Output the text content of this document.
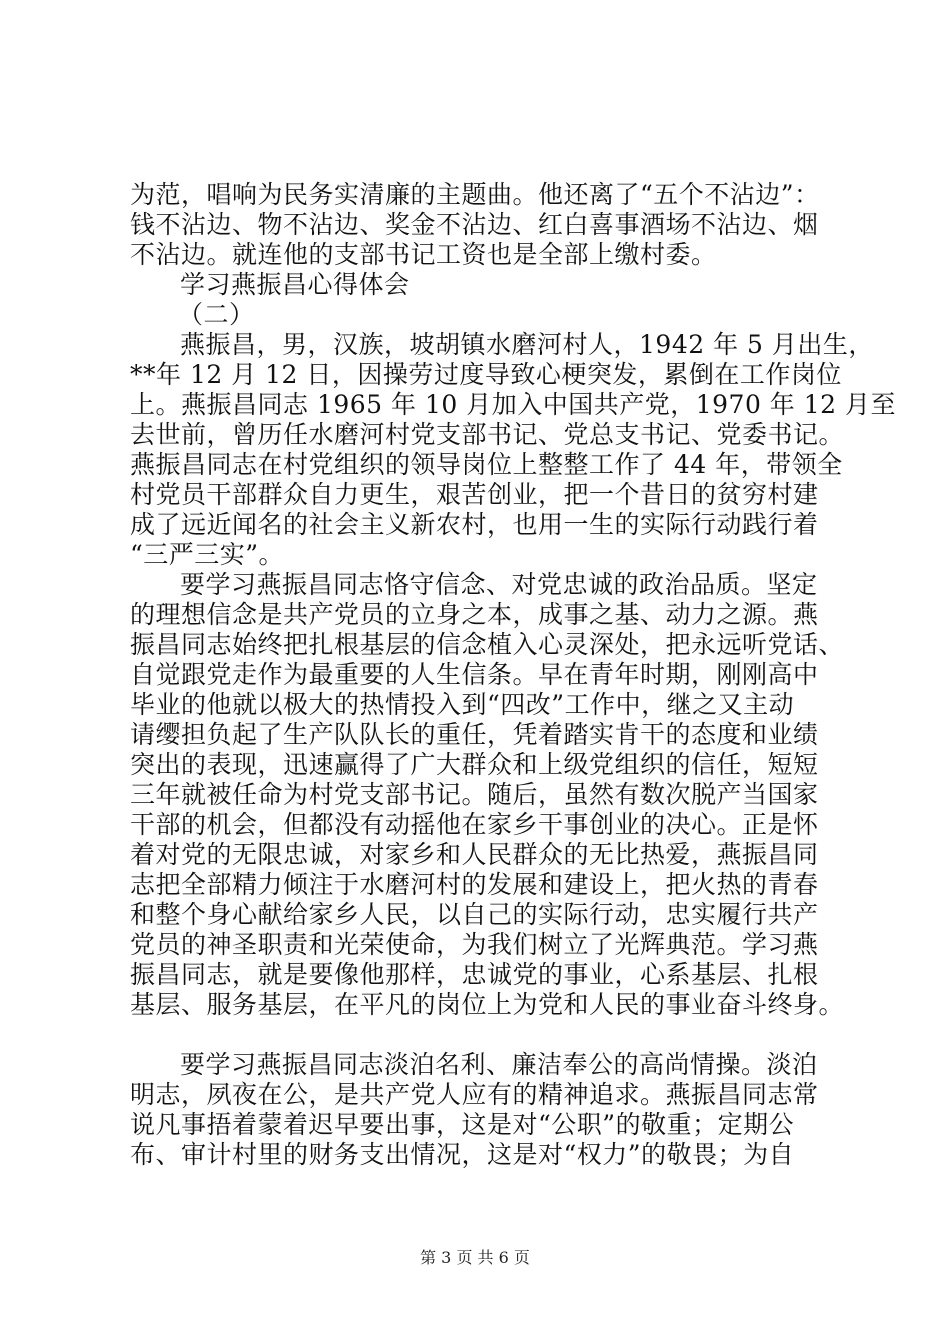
为范，唱响为民务实清廉的主题曲。他还离了“五个不沾边”：
钱不沾边、物不沾边、奖金不沾边、红白喜事酒场不沾边、烟
不沾边。就连他的支部书记工资也是全部上缴村委。
学习燕振昌心得体会
（二）
燕振昌，男，汉族，坡胡镇水磨河村人，1942 年 5 月出生，
**年 12 月 12 日，因操劳过度导致心梗突发，累倒在工作岗位
上。燕振昌同志 1965 年 10 月加入中国共产党，1970 年 12 月至
去世前，曾历任水磨河村党支部书记、党总支书记、党委书记。
燕振昌同志在村党组织的领导岗位上整整工作了 44 年，带领全
村党员干部群众自力更生，艰苦创业，把一个昔日的贫穷村建
成了远近闻名的社会主义新农村，也用一生的实际行动践行着
“三严三实”。
要学习燕振昌同志恪守信念、对党忠诚的政治品质。坚定
的理想信念是共产党员的立身之本，成事之基、动力之源。燕
振昌同志始终把扎根基层的信念植入心灵深处，把永远听党话、
自觉跟党走作为最重要的人生信条。早在青年时期，刚刚高中
毕业的他就以极大的热情投入到“四改”工作中，继之又主动
请缨担负起了生产队队长的重任，凭着踏实肯干的态度和业绩
突出的表现，迅速赢得了广大群众和上级党组织的信任，短短
三年就被任命为村党支部书记。随后，虽然有数次脱产当国家
干部的机会，但都没有动摇他在家乡干事创业的决心。正是怀
着对党的无限忠诚，对家乡和人民群众的无比热爱，燕振昌同
志把全部精力倾注于水磨河村的发展和建设上，把火热的青春
和整个身心献给家乡人民，以自己的实际行动，忠实履行共产
党员的神圣职责和光荣使命，为我们树立了光辉典范。学习燕
振昌同志，就是要像他那样，忠诚党的事业，心系基层、扎根
基层、服务基层，在平凡的岗位上为党和人民的事业奋斗终身。
要学习燕振昌同志淡泊名利、廉洁奉公的高尚情操。淡泊
明志，夙夜在公，是共产党人应有的精神追求。燕振昌同志常
说凡事捂着蒙着迟早要出事，这是对“公职”的敬重；定期公
布、审计村里的财务支出情况，这是对“权力”的敬畏；为自
第 3 页 共 6 页
